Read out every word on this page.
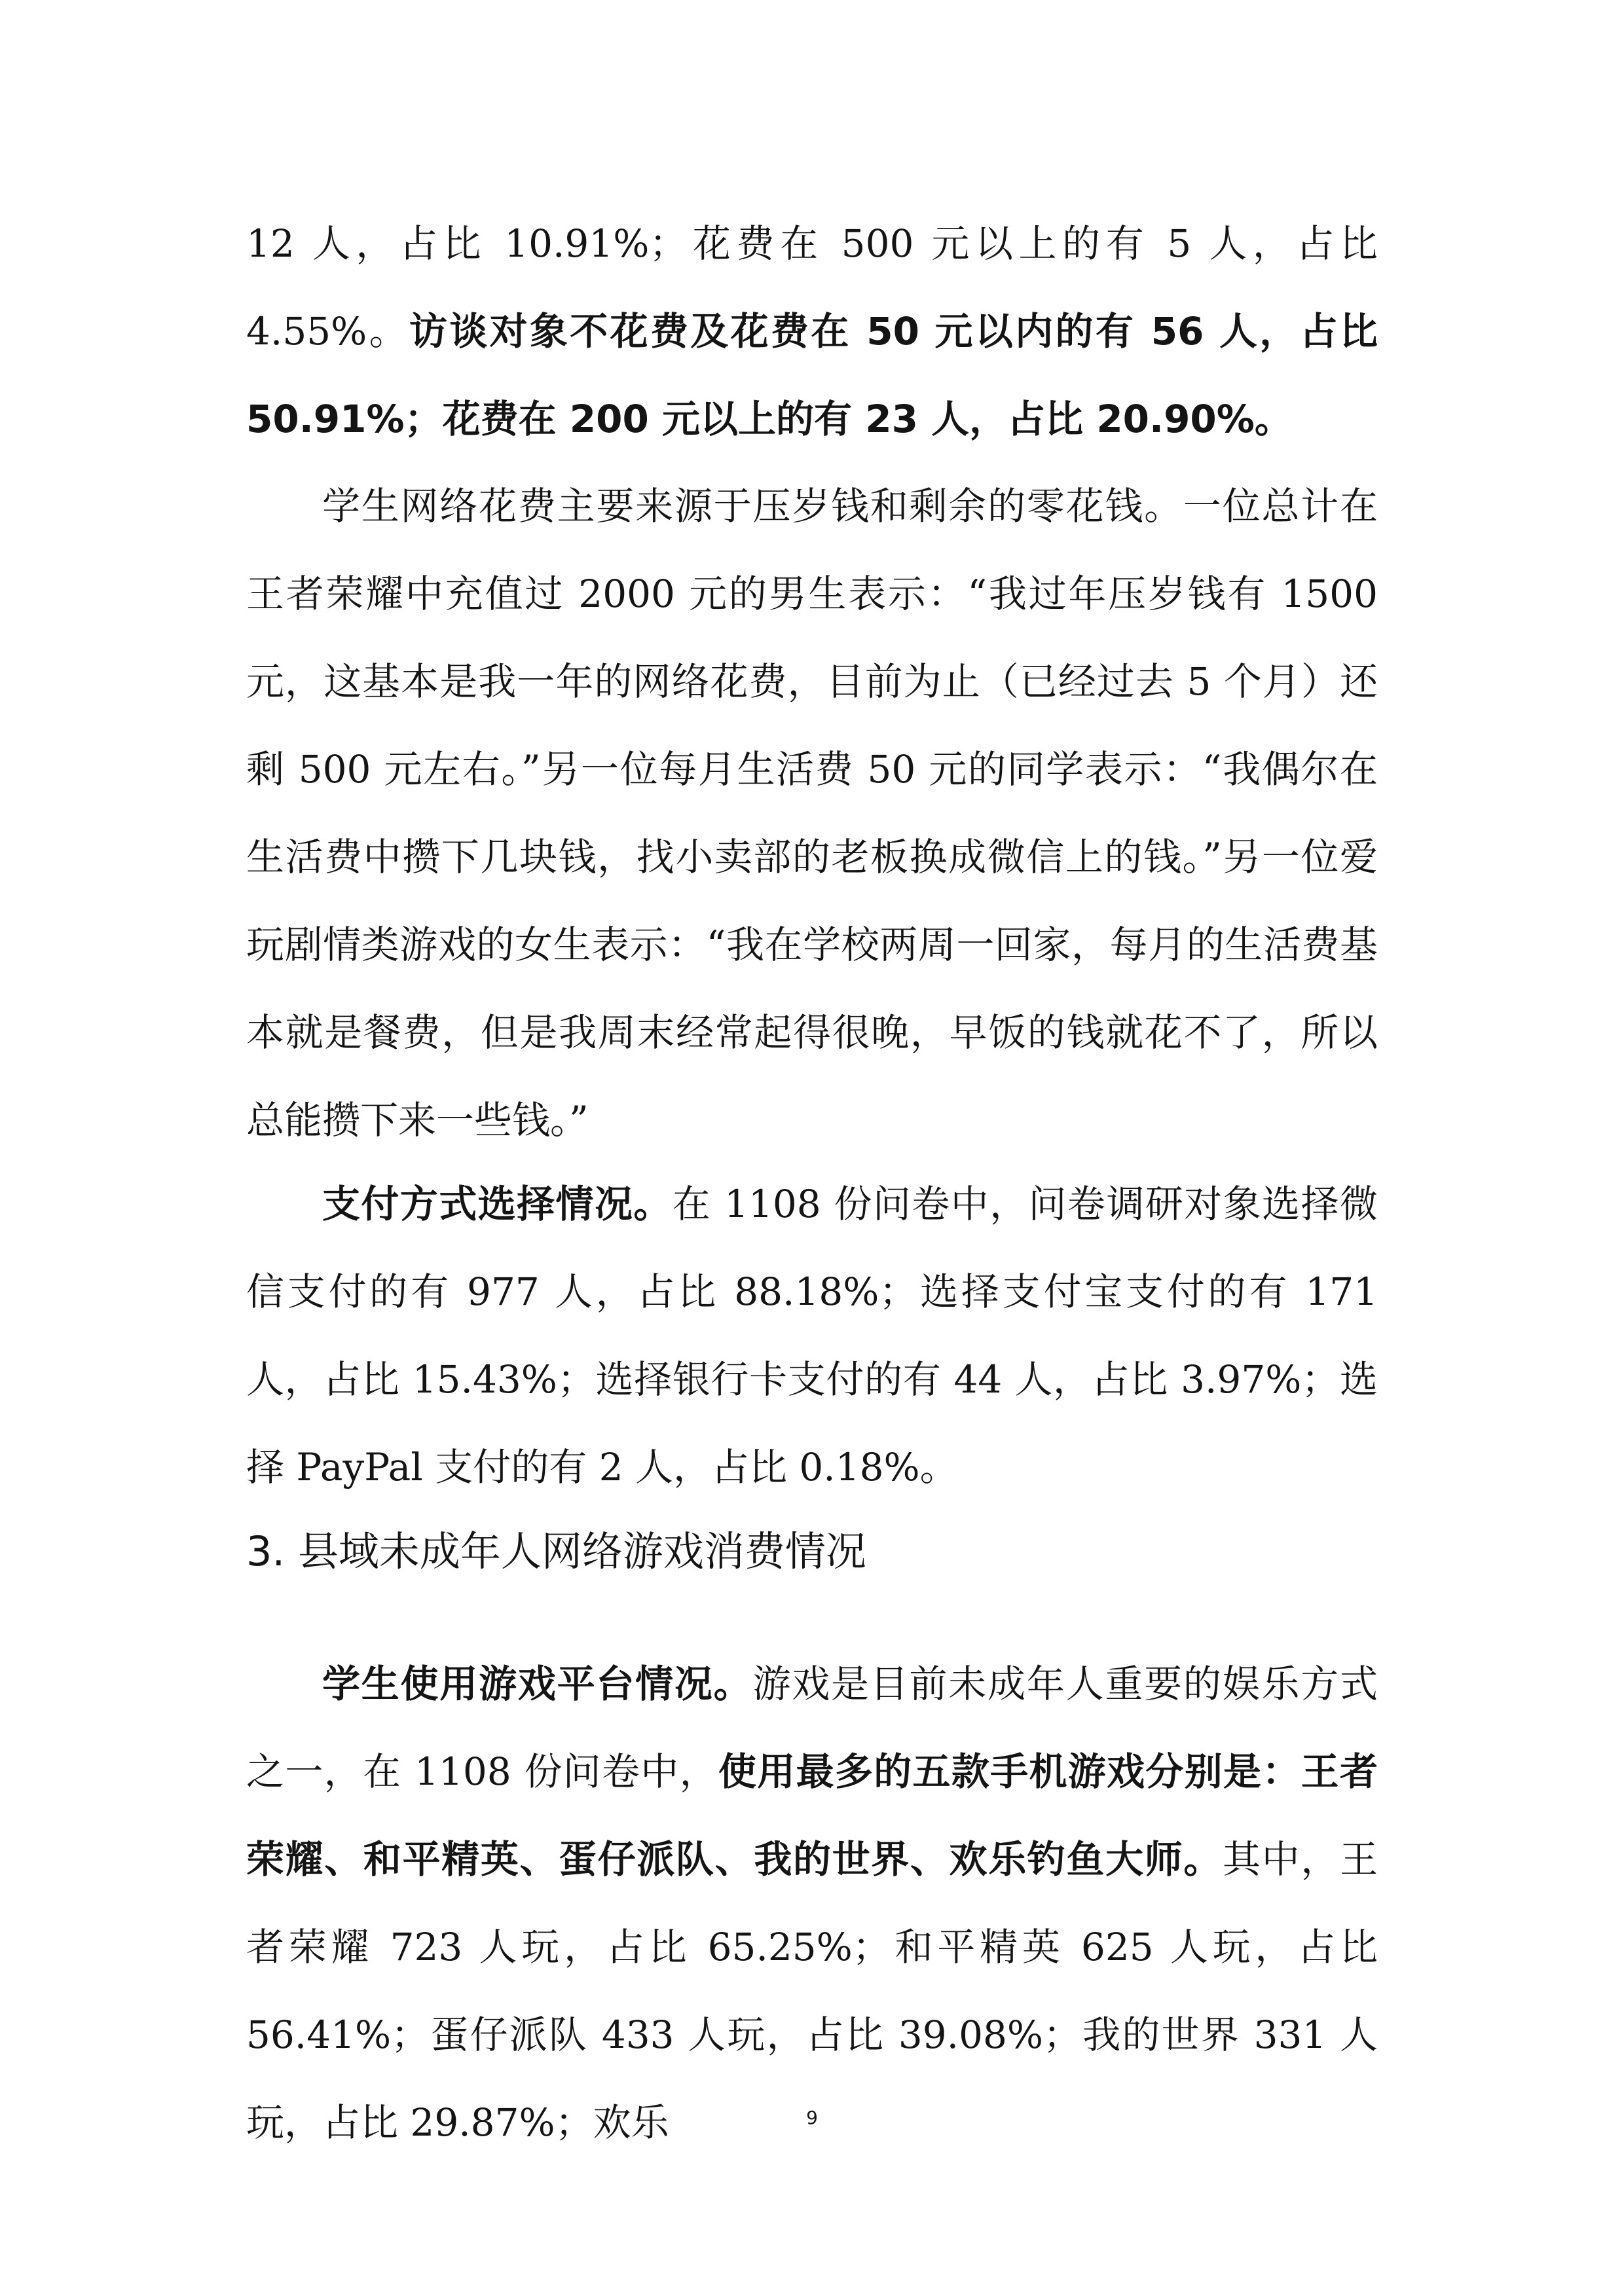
12 人，占比 10.91%；花费在 500 元以上的有 5 人，占比 4.55%。访谈对象不花费及花费在 50 元以内的有 56 人，占比 50.91%；花费在 200 元以上的有 23 人，占比 20.90%。

学生网络花费主要来源于压岁钱和剩余的零花钱。一位总计在王者荣耀中充值过 2000 元的男生表示：“我过年压岁钱有 1500 元，这基本是我一年的网络花费，目前为止（已经过去 5 个月）还剩 500 元左右。”另一位每月生活费 50 元的同学表示：“我偶尔在生活费中攒下几块钱，找小卖部的老板换成微信上的钱。”另一位爱玩剧情类游戏的女生表示：“我在学校两周一回家，每月的生活费基本就是餐费，但是我周末经常起得很晚，早饭的钱就花不了，所以总能攒下来一些钱。”

支付方式选择情况。在 1108 份问卷中，问卷调研对象选择微信支付的有 977 人，占比 88.18%；选择支付宝支付的有 171 人，占比 15.43%；选择银行卡支付的有 44 人，占比 3.97%；选择 PayPal 支付的有 2 人，占比 0.18%。

3. 县域未成年人网络游戏消费情况

学生使用游戏平台情况。游戏是目前未成年人重要的娱乐方式之一，在 1108 份问卷中，使用最多的五款手机游戏分别是：王者荣耀、和平精英、蛋仔派队、我的世界、欢乐钓鱼大师。其中，王者荣耀 723 人玩，占比 65.25%；和平精英 625 人玩，占比 56.41%；蛋仔派队 433 人玩，占比 39.08%；我的世界 331 人玩，占比 29.87%；欢乐	9
